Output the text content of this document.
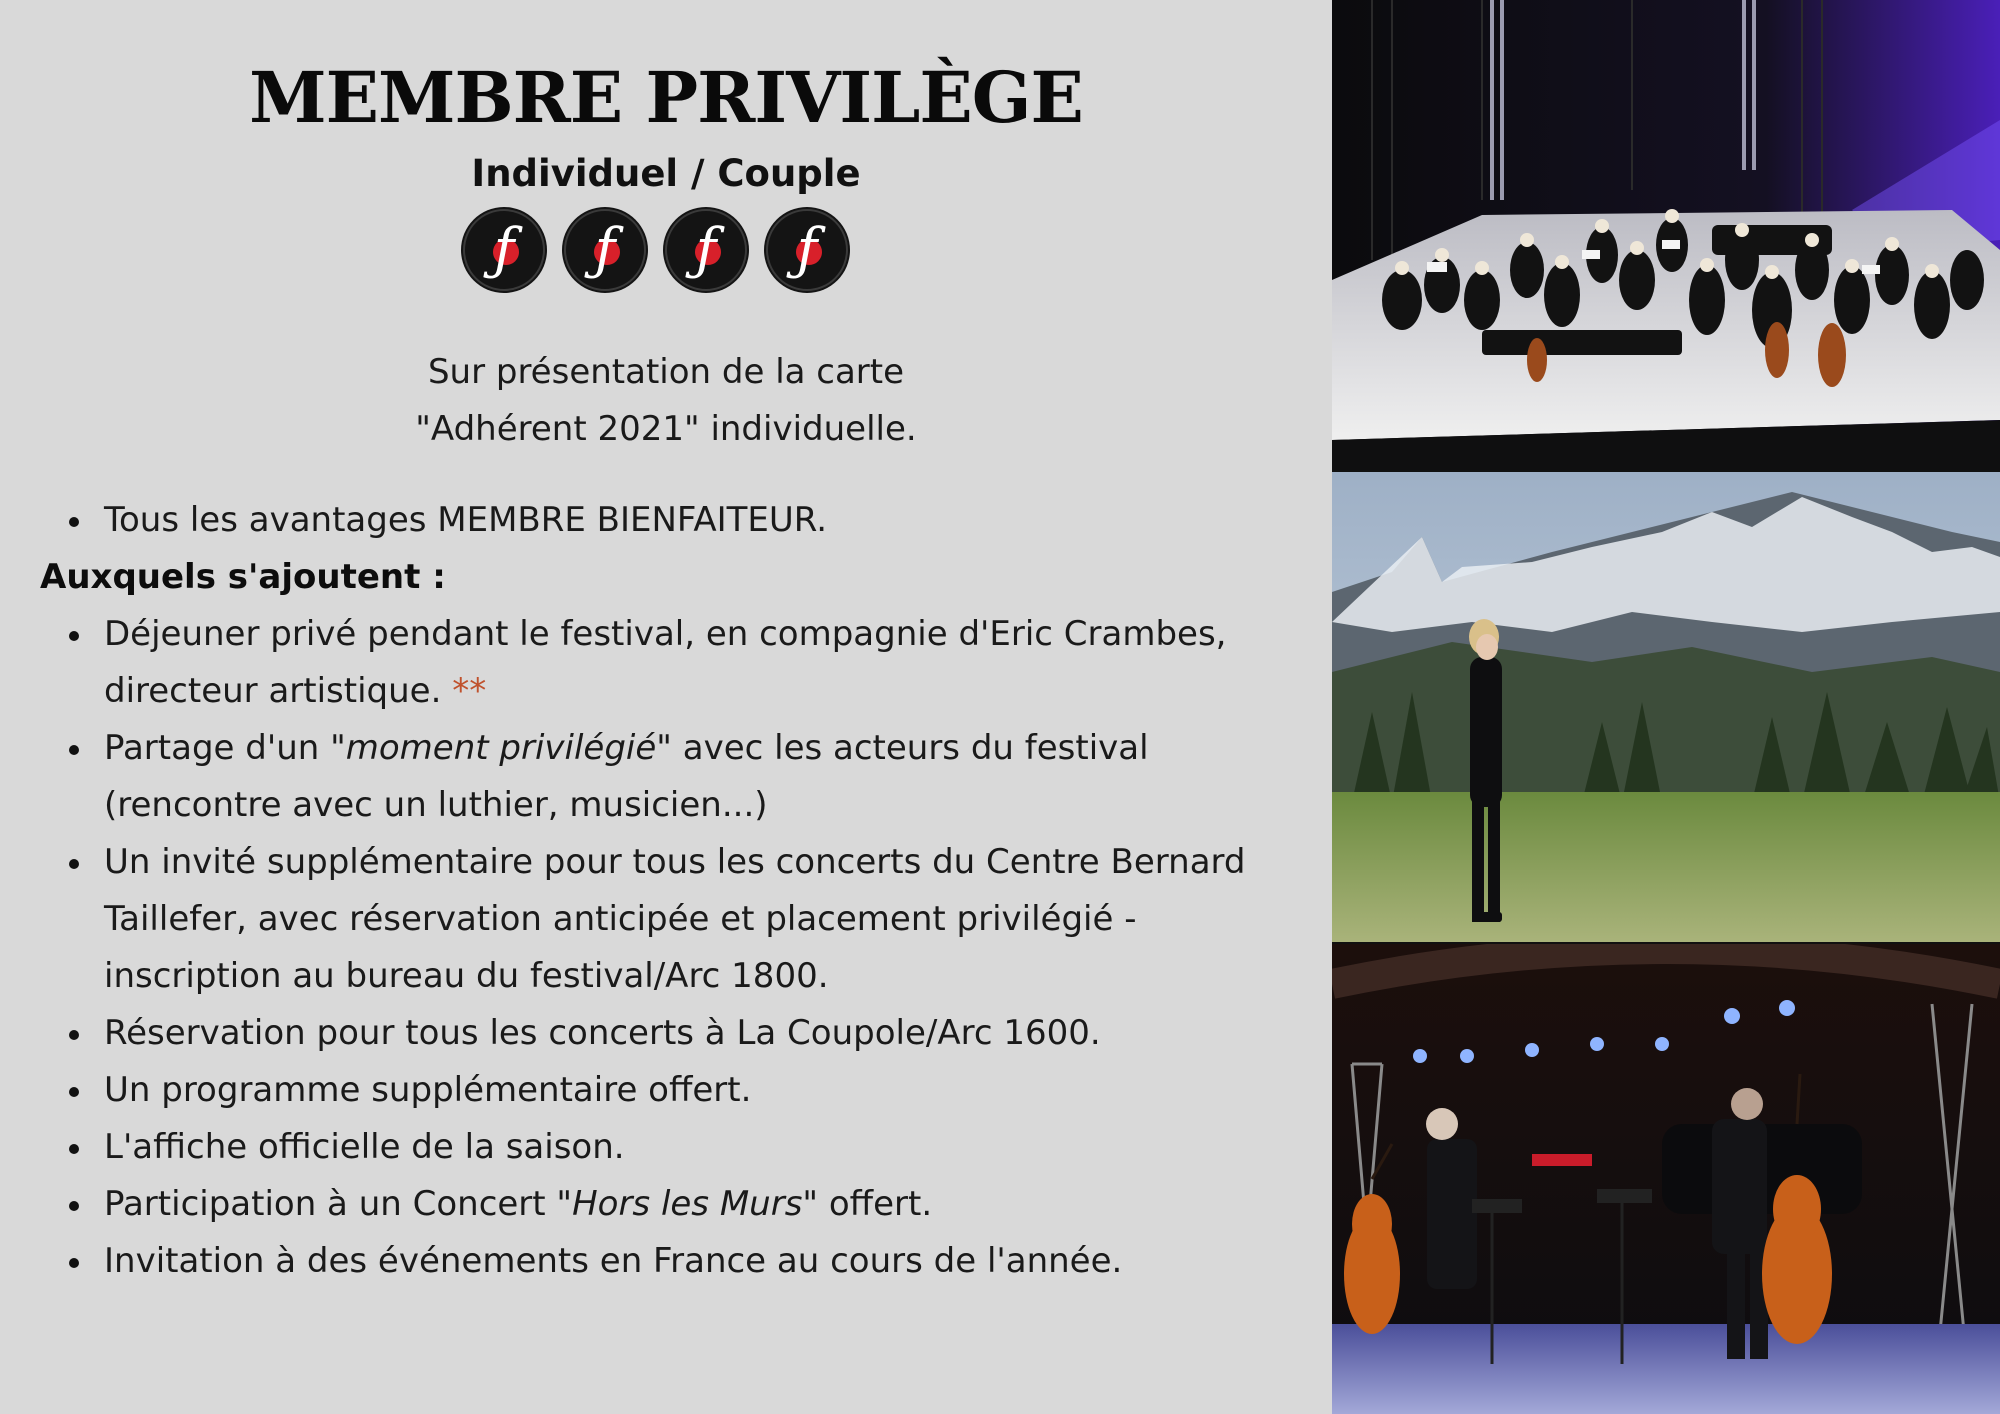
MEMBRE PRIVILÈGE
Individuel / Couple
ƒ ƒ ƒ ƒ
Sur présentation de la carte
"Adhérent 2021" individuelle.
Tous les avantages MEMBRE BIENFAITEUR.
Auxquels s'ajoutent :
Déjeuner privé pendant le festival, en compagnie d'Eric Crambes, directeur artistique. **
Partage d'un "moment privilégié" avec les acteurs du festival (rencontre avec un luthier, musicien...)
Un invité supplémentaire pour tous les concerts du Centre Bernard Taillefer, avec réservation anticipée et placement privilégié - inscription au bureau du festival/Arc 1800.
Réservation pour tous les concerts à La Coupole/Arc 1600.
Un programme supplémentaire offert.
L'affiche officielle de la saison.
Participation à un Concert "Hors les Murs" offert.
Invitation à des événements en France au cours de l'année.
